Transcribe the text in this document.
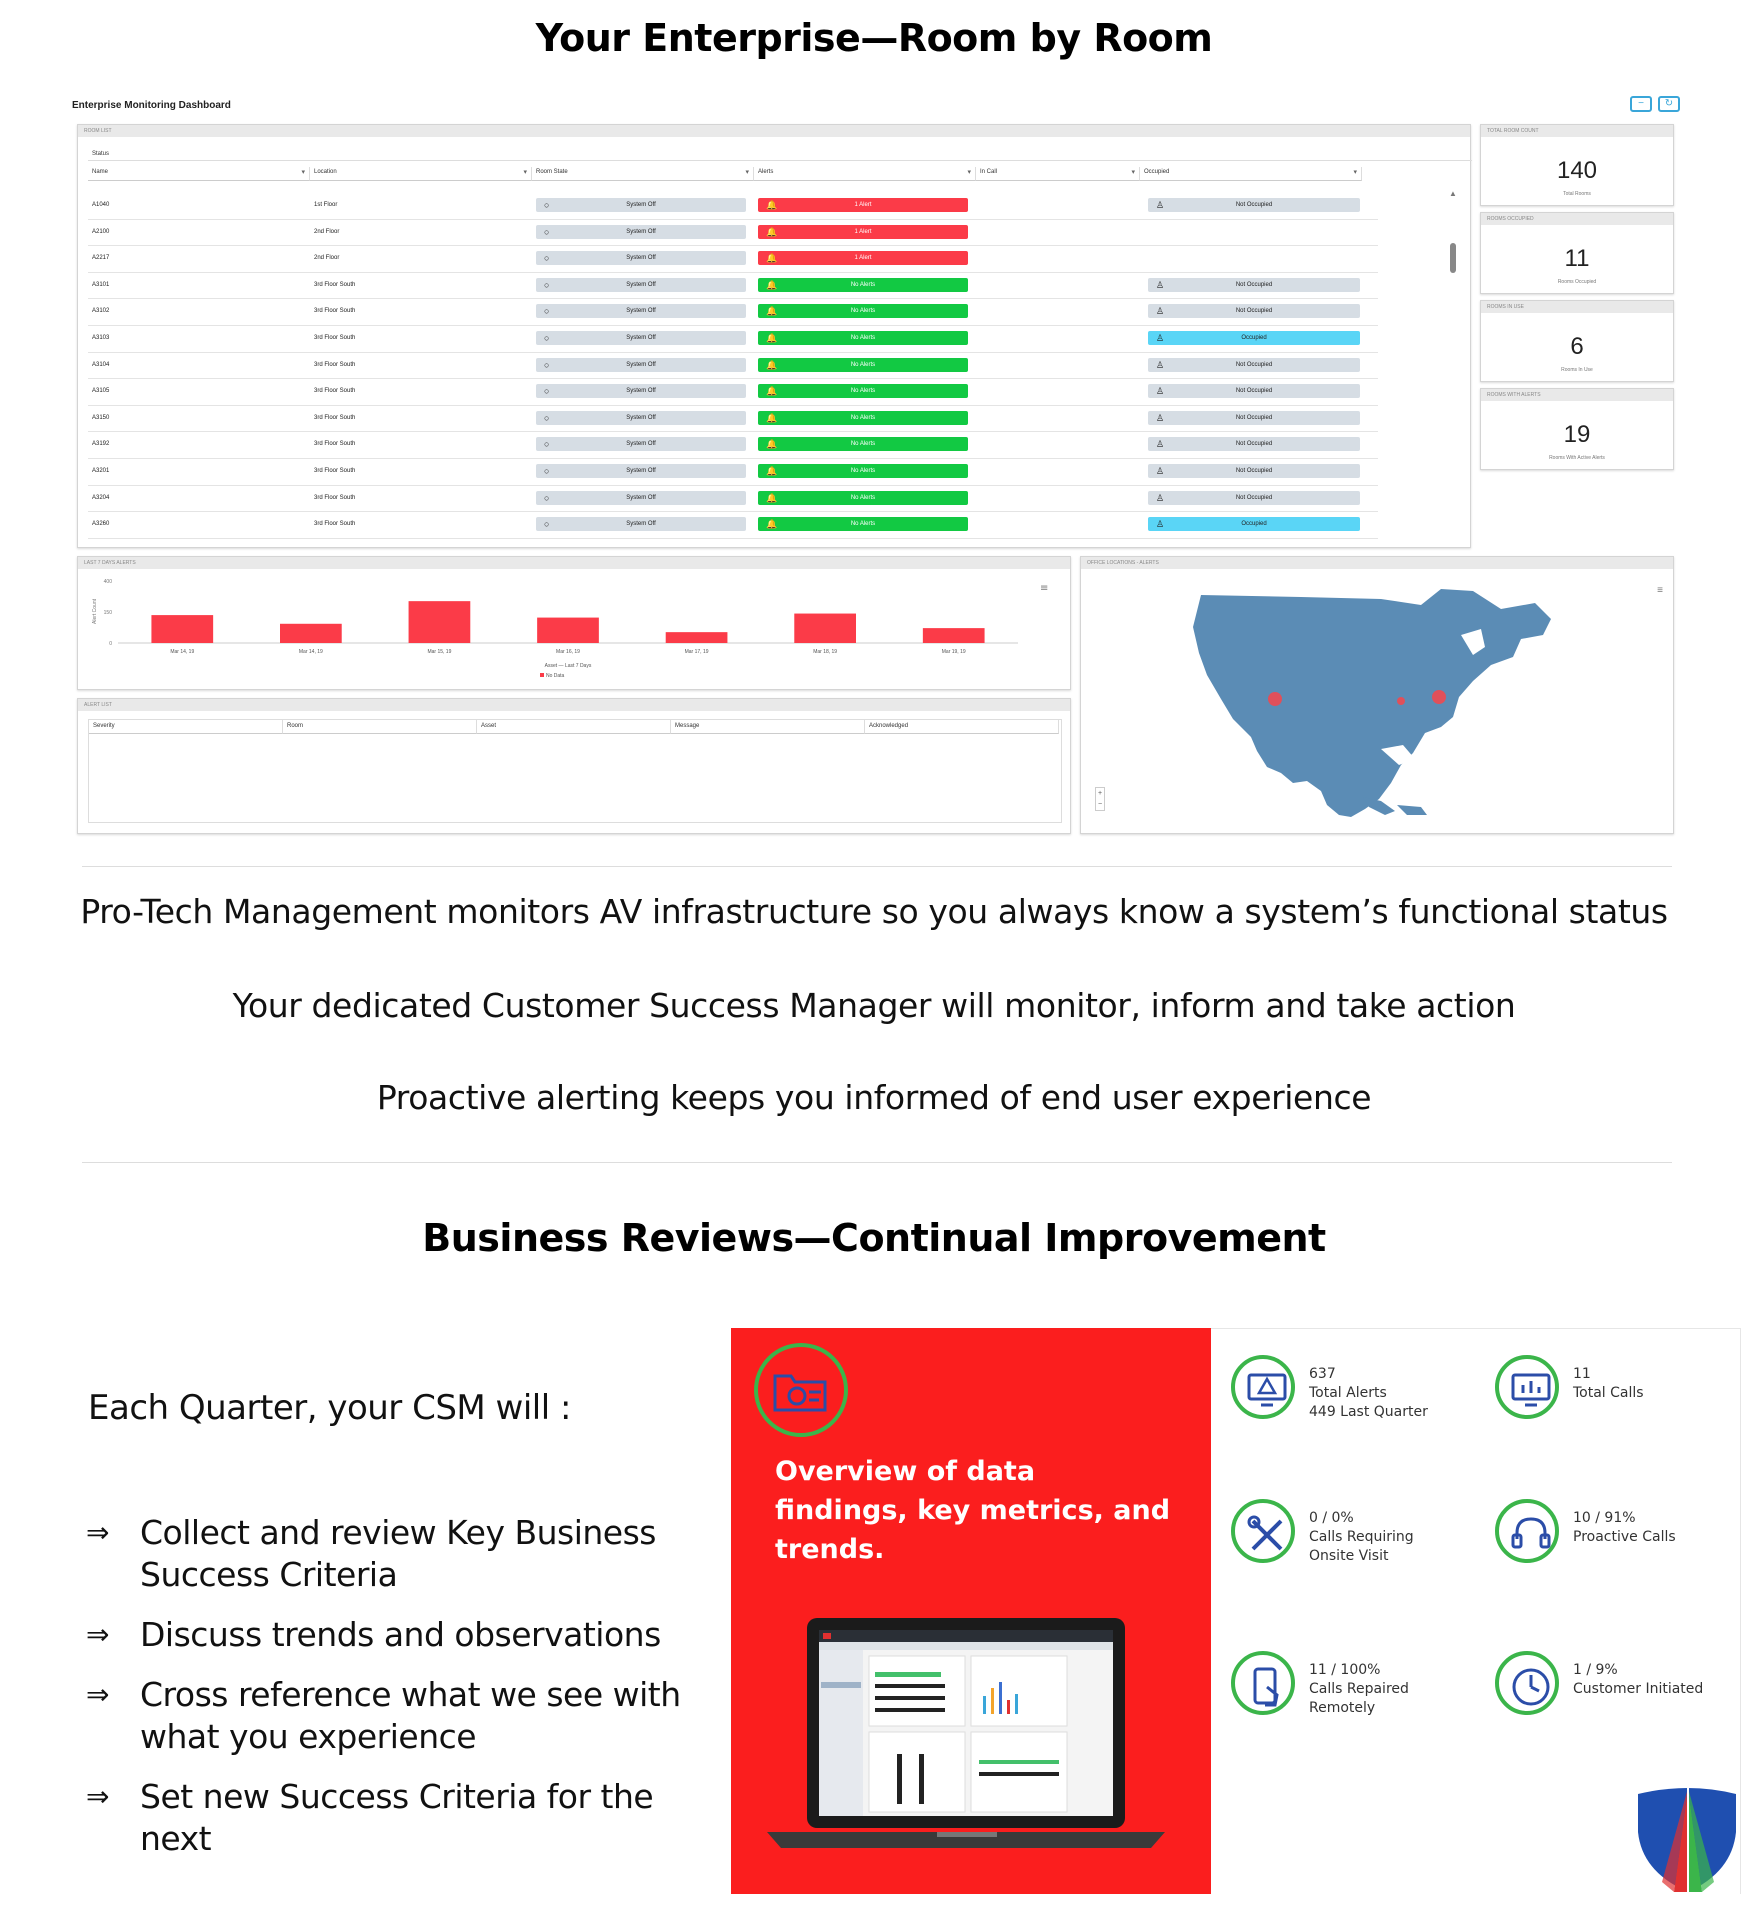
Your Enterprise—Room by Room
Enterprise Monitoring Dashboard	−	↻
ROOM LIST
Status
Name ▾	Location ▾	Room State ▾	Alerts ▾	In Call ▾	Occupied ▾
A1040	1st Floor	○	System Off	🔔	1 Alert	♙	Not Occupied
A2100	2nd Floor	○	System Off	🔔	1 Alert
A2217	2nd Floor	○	System Off	🔔	1 Alert
A3101	3rd Floor South	○	System Off	🔔	No Alerts	♙	Not Occupied
A3102	3rd Floor South	○	System Off	🔔	No Alerts	♙	Not Occupied
A3103	3rd Floor South	○	System Off	🔔	No Alerts	♙	Occupied
A3104	3rd Floor South	○	System Off	🔔	No Alerts	♙	Not Occupied
A3105	3rd Floor South	○	System Off	🔔	No Alerts	♙	Not Occupied
A3150	3rd Floor South	○	System Off	🔔	No Alerts	♙	Not Occupied
A3192	3rd Floor South	○	System Off	🔔	No Alerts	♙	Not Occupied
A3201	3rd Floor South	○	System Off	🔔	No Alerts	♙	Not Occupied
A3204	3rd Floor South	○	System Off	🔔	No Alerts	♙	Not Occupied
A3260	3rd Floor South	○	System Off	🔔	No Alerts	♙	Occupied
▲
TOTAL ROOM COUNT
140
Total Rooms
ROOMS OCCUPIED
11
Rooms Occupied
ROOMS IN USE
6
Rooms In Use
ROOMS WITH ALERTS
19
Rooms With Active Alerts
LAST 7 DAYS ALERTS
400
150
0
Alert Count
Mar 14, 19	Mar 14, 19	Mar 15, 19	Mar 16, 19	Mar 17, 19	Mar 18, 19	Mar 19, 19
Asset — Last 7 Days
No Data
≡
ALERT LIST
Severity	Room	Asset	Message	Acknowledged
OFFICE LOCATIONS - ALERTS
≡
+
−
Pro-Tech Management monitors AV infrastructure so you always know a system’s functional status
Your dedicated Customer Success Manager will monitor, inform and take action
Proactive alerting keeps you informed of end user experience
Business Reviews—Continual Improvement
Each Quarter, your CSM will :
⇒ Collect and review Key Business Success Criteria
⇒ Discuss trends and observations
⇒ Cross reference what we see with what you experience
⇒ Set new Success Criteria for the next
Overview of data findings, key metrics, and trends.
637
Total Alerts
449 Last Quarter
11
Total Calls
0 / 0%
Calls Requiring
Onsite Visit
10 / 91%
Proactive Calls
11 / 100%
Calls Repaired
Remotely
1 / 9%
Customer Initiated
